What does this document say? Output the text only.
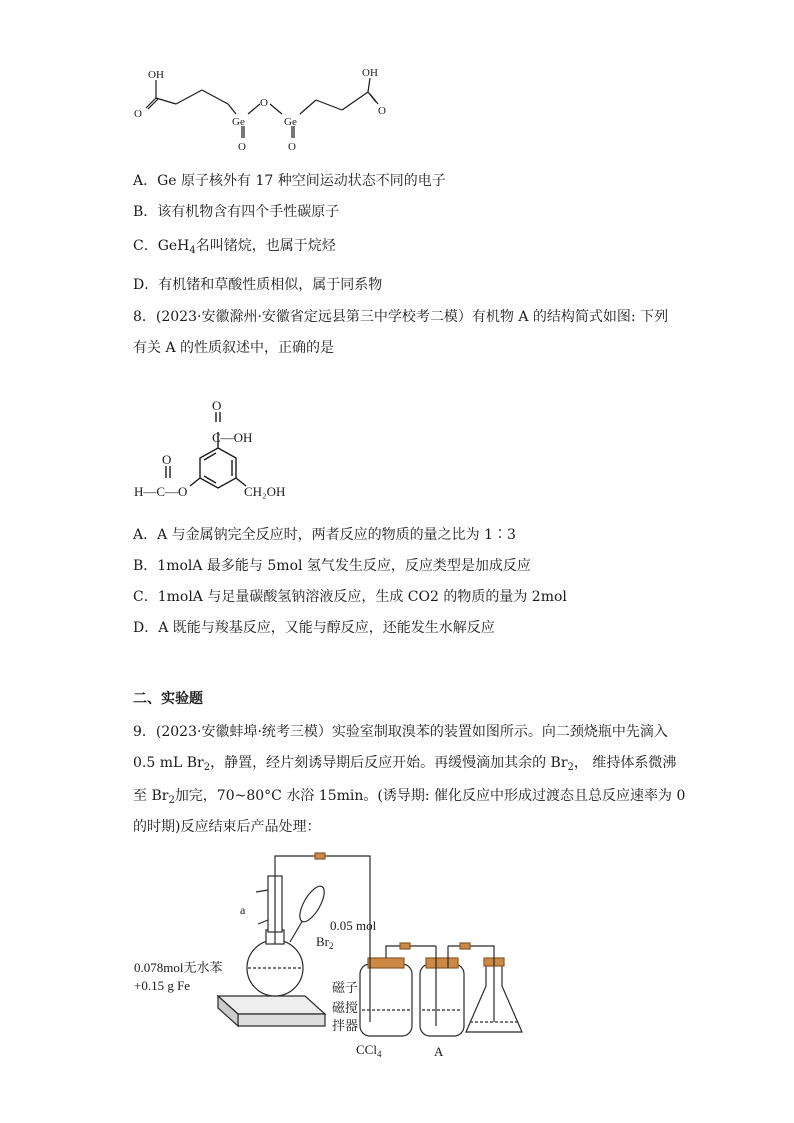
OH
O
O
Ge	Ge
O	O
OH
O
A．Ge 原子核外有 17 种空间运动状态不同的电子
B．该有机物含有四个手性碳原子
C．GeH$_4$名叫锗烷，也属于烷烃
D．有机锗和草酸性质相似，属于同系物
8．(2023·安徽滁州·安徽省定远县第三中学校考二模）有机物 A 的结构简式如图: 下列
有关 A 的性质叙述中，正确的是
O
C—OH
O
H—C—O	CH₂OH
A．A 与金属钠完全反应时，两者反应的物质的量之比为 1∶3
B．1molA 最多能与 5mol 氢气发生反应，反应类型是加成反应
C．1molA 与足量碳酸氢钠溶液反应，生成 CO2 的物质的量为 2mol
D．A 既能与羧基反应，又能与醇反应，还能发生水解反应
二、实验题
9．(2023·安徽蚌埠·统考三模）实验室制取溴苯的装置如图所示。向二颈烧瓶中先滴入
0.5 mL $Br_2$，静置，经片刻诱导期后反应开始。再缓慢滴加其余的 $Br_2$， 维持体系微沸
至 $Br_2$加完，70~80°C 水浴 15min。(诱导期: 催化反应中形成过渡态且总反应速率为 0
的时期)反应结束后产品处理：
a
0.05 mol
$Br_2$
0.078mol无水苯
+0.15 g Fe	磁子
磁搅
拌器
CCl$_4$	A
